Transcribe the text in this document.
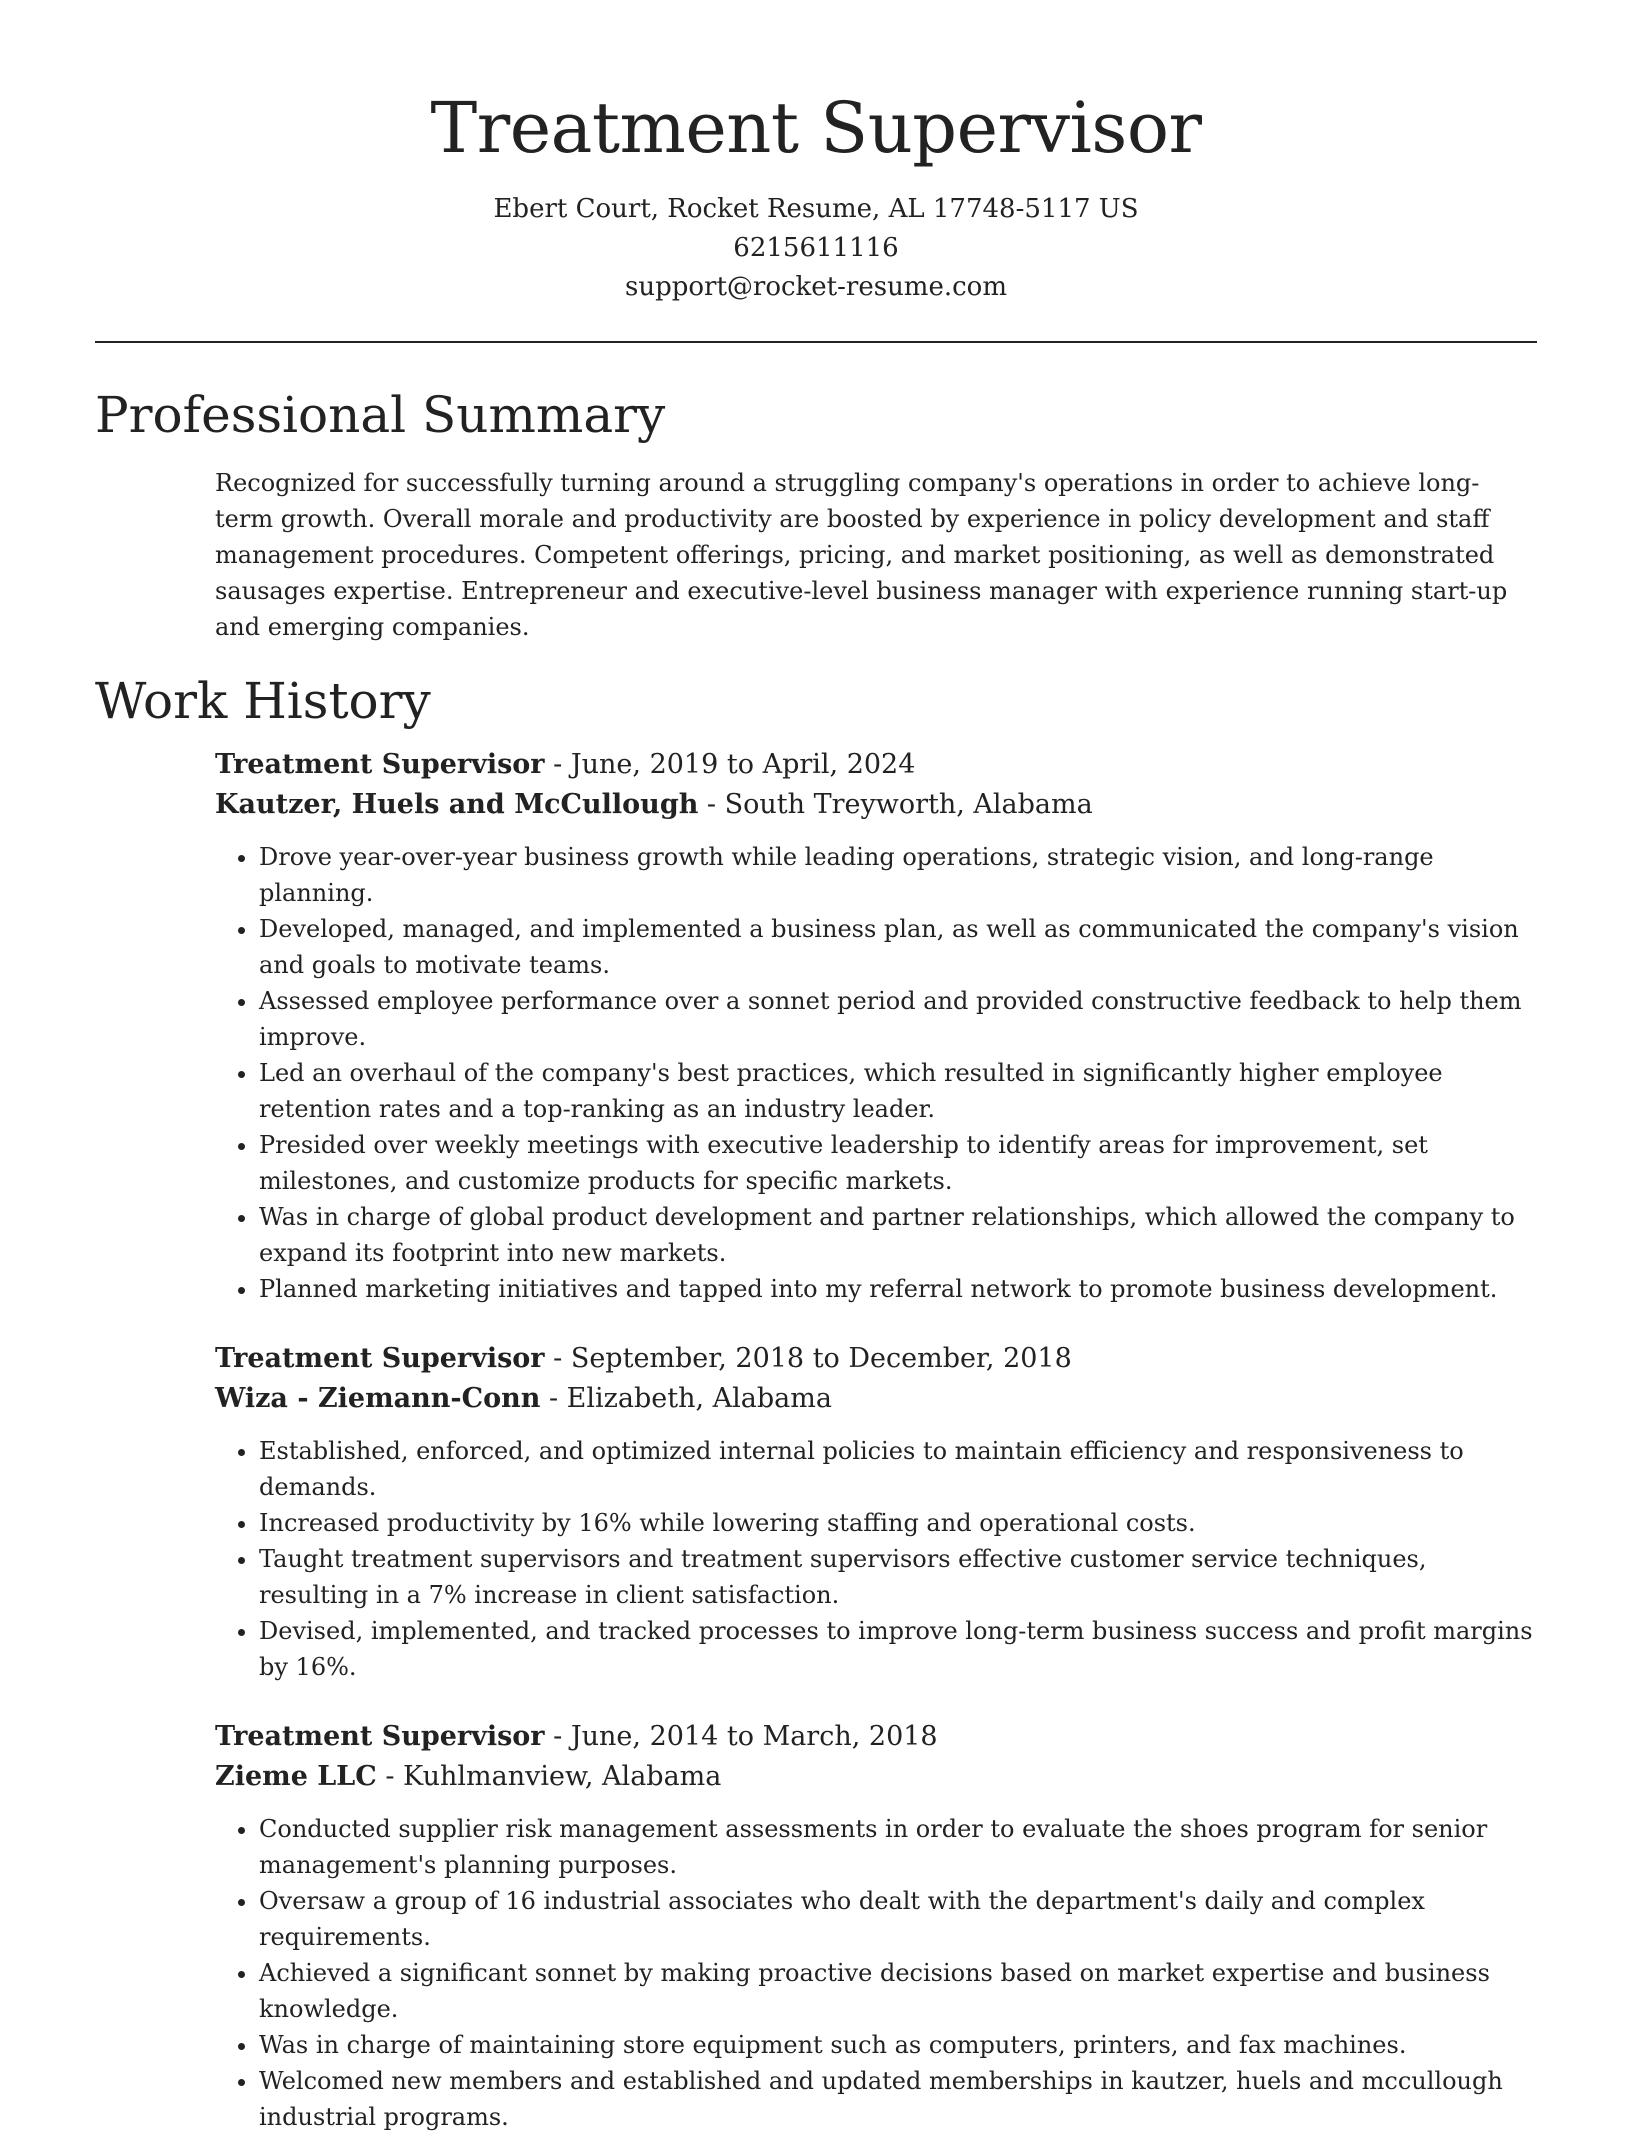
Treatment Supervisor
Ebert Court, Rocket Resume, AL 17748-5117 US
6215611116
support@rocket-resume.com
Professional Summary

Recognized for successfully turning around a struggling company's operations in order to achieve long-term growth. Overall morale and productivity are boosted by experience in policy development and staff management procedures. Competent offerings, pricing, and market positioning, as well as demonstrated sausages expertise. Entrepreneur and executive-level business manager with experience running start-up and emerging companies.

Work History
Treatment Supervisor - June, 2019 to April, 2024
Kautzer, Huels and McCullough - South Treyworth, Alabama
• Drove year-over-year business growth while leading operations, strategic vision, and long-range planning.
• Developed, managed, and implemented a business plan, as well as communicated the company's vision and goals to motivate teams.
• Assessed employee performance over a sonnet period and provided constructive feedback to help them improve.
• Led an overhaul of the company's best practices, which resulted in significantly higher employee retention rates and a top-ranking as an industry leader.
• Presided over weekly meetings with executive leadership to identify areas for improvement, set milestones, and customize products for specific markets.
• Was in charge of global product development and partner relationships, which allowed the company to expand its footprint into new markets.
• Planned marketing initiatives and tapped into my referral network to promote business development.
Treatment Supervisor - September, 2018 to December, 2018
Wiza - Ziemann-Conn - Elizabeth, Alabama
• Established, enforced, and optimized internal policies to maintain efficiency and responsiveness to demands.
• Increased productivity by 16% while lowering staffing and operational costs.
• Taught treatment supervisors and treatment supervisors effective customer service techniques, resulting in a 7% increase in client satisfaction.
• Devised, implemented, and tracked processes to improve long-term business success and profit margins by 16%.
Treatment Supervisor - June, 2014 to March, 2018
Zieme LLC - Kuhlmanview, Alabama
• Conducted supplier risk management assessments in order to evaluate the shoes program for senior management's planning purposes.
• Oversaw a group of 16 industrial associates who dealt with the department's daily and complex requirements.
• Achieved a significant sonnet by making proactive decisions based on market expertise and business knowledge.
• Was in charge of maintaining store equipment such as computers, printers, and fax machines.
• Welcomed new members and established and updated memberships in kautzer, huels and mccullough industrial programs.
